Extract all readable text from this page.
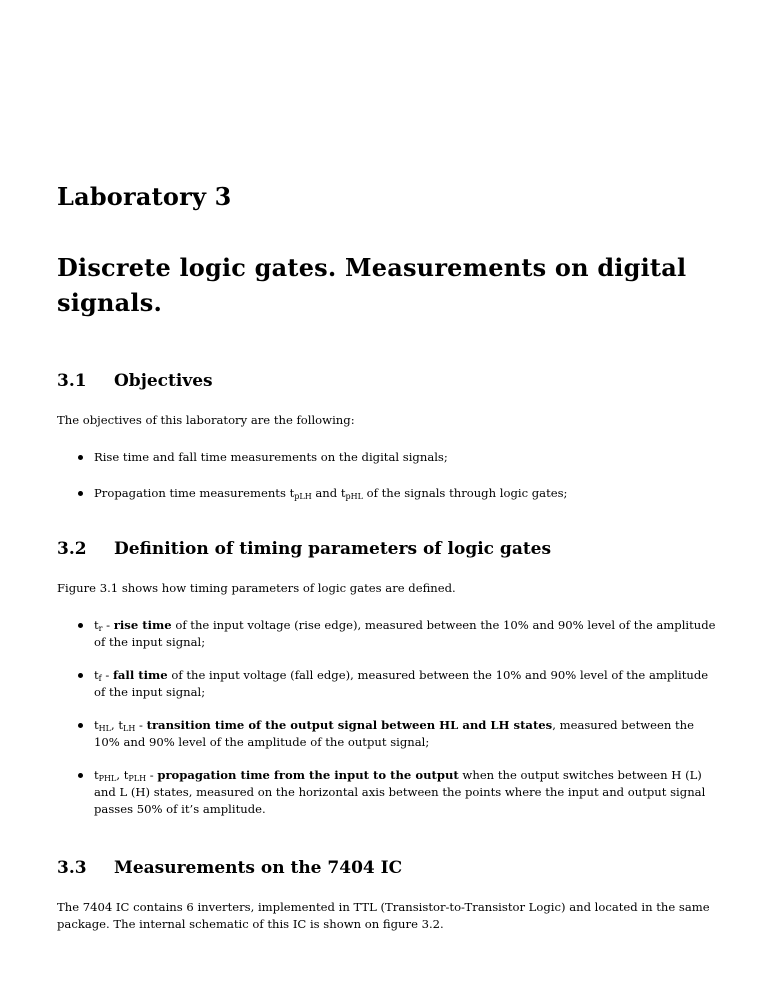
Laboratory 3
Discrete logic gates. Measurements on digital signals.
3.1 Objectives

The objectives of this laboratory are the following:

Rise time and fall time measurements on the digital signals;
Propagation time measurements $t_{pLH}$ and $t_{pHL}$ of the signals through logic gates;
3.2 Definition of timing parameters of logic gates

Figure 3.1 shows how timing parameters of logic gates are defined.

$t_r$ - rise time of the input voltage (rise edge), measured between the 10% and 90% level of the amplitude of the input signal;
$t_f$ - fall time of the input voltage (fall edge), measured between the 10% and 90% level of the amplitude of the input signal;
$t_{HL}$, $t_{LH}$ - transition time of the output signal between HL and LH states, measured between the 10% and 90% level of the amplitude of the output signal;
$t_{PHL}$, $t_{PLH}$ - propagation time from the input to the output when the output switches between H (L) and L (H) states, measured on the horizontal axis between the points where the input and output signal passes 50% of it’s amplitude.
3.3 Measurements on the 7404 IC

The 7404 IC contains 6 inverters, implemented in TTL (Transistor-to-Transistor Logic) and located in the same package. The internal schematic of this IC is shown on figure 3.2.
